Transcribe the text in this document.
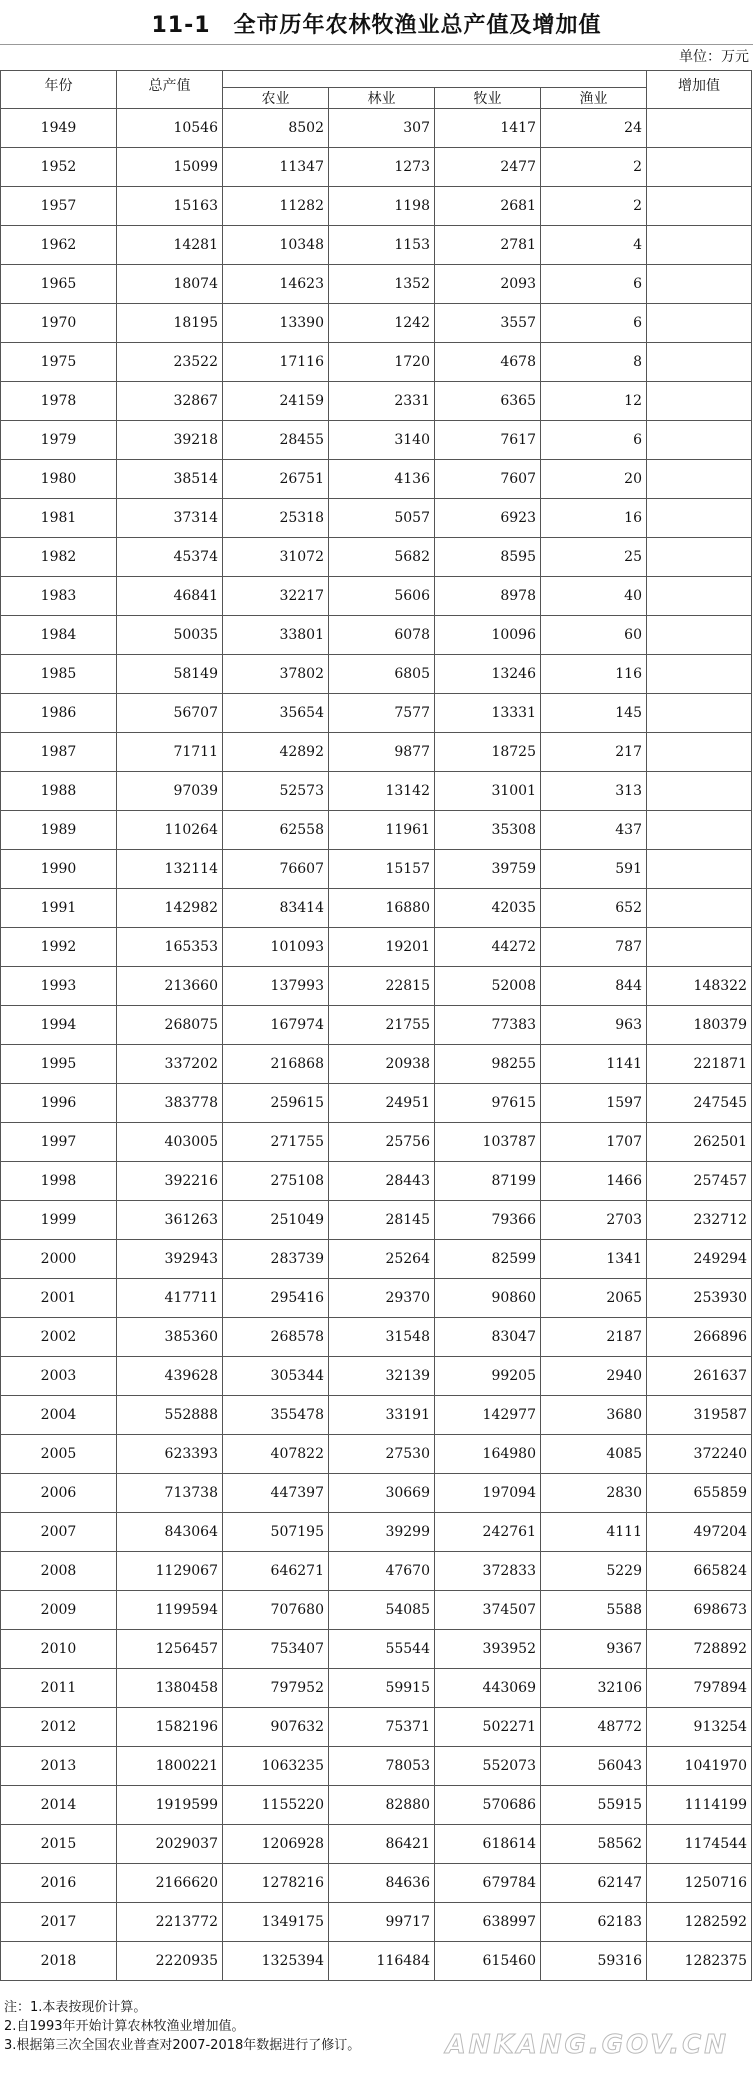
11-1　全市历年农林牧渔业总产值及增加值
单位：万元
年份	总产值					增加值
		农业	林业	牧业	渔业	
1949	10546	8502	307	1417	24	
1952	15099	11347	1273	2477	2	
1957	15163	11282	1198	2681	2	
1962	14281	10348	1153	2781	4	
1965	18074	14623	1352	2093	6	
1970	18195	13390	1242	3557	6	
1975	23522	17116	1720	4678	8	
1978	32867	24159	2331	6365	12	
1979	39218	28455	3140	7617	6	
1980	38514	26751	4136	7607	20	
1981	37314	25318	5057	6923	16	
1982	45374	31072	5682	8595	25	
1983	46841	32217	5606	8978	40	
1984	50035	33801	6078	10096	60	
1985	58149	37802	6805	13246	116	
1986	56707	35654	7577	13331	145	
1987	71711	42892	9877	18725	217	
1988	97039	52573	13142	31001	313	
1989	110264	62558	11961	35308	437	
1990	132114	76607	15157	39759	591	
1991	142982	83414	16880	42035	652	
1992	165353	101093	19201	44272	787	
1993	213660	137993	22815	52008	844	148322
1994	268075	167974	21755	77383	963	180379
1995	337202	216868	20938	98255	1141	221871
1996	383778	259615	24951	97615	1597	247545
1997	403005	271755	25756	103787	1707	262501
1998	392216	275108	28443	87199	1466	257457
1999	361263	251049	28145	79366	2703	232712
2000	392943	283739	25264	82599	1341	249294
2001	417711	295416	29370	90860	2065	253930
2002	385360	268578	31548	83047	2187	266896
2003	439628	305344	32139	99205	2940	261637
2004	552888	355478	33191	142977	3680	319587
2005	623393	407822	27530	164980	4085	372240
2006	713738	447397	30669	197094	2830	655859
2007	843064	507195	39299	242761	4111	497204
2008	1129067	646271	47670	372833	5229	665824
2009	1199594	707680	54085	374507	5588	698673
2010	1256457	753407	55544	393952	9367	728892
2011	1380458	797952	59915	443069	32106	797894
2012	1582196	907632	75371	502271	48772	913254
2013	1800221	1063235	78053	552073	56043	1041970
2014	1919599	1155220	82880	570686	55915	1114199
2015	2029037	1206928	86421	618614	58562	1174544
2016	2166620	1278216	84636	679784	62147	1250716
2017	2213772	1349175	99717	638997	62183	1282592
2018	2220935	1325394	116484	615460	59316	1282375
注：1.本表按现价计算。
2.自1993年开始计算农林牧渔业增加值。
3.根据第三次全国农业普查对2007-2018年数据进行了修订。	ANKANG.GOV.CN
